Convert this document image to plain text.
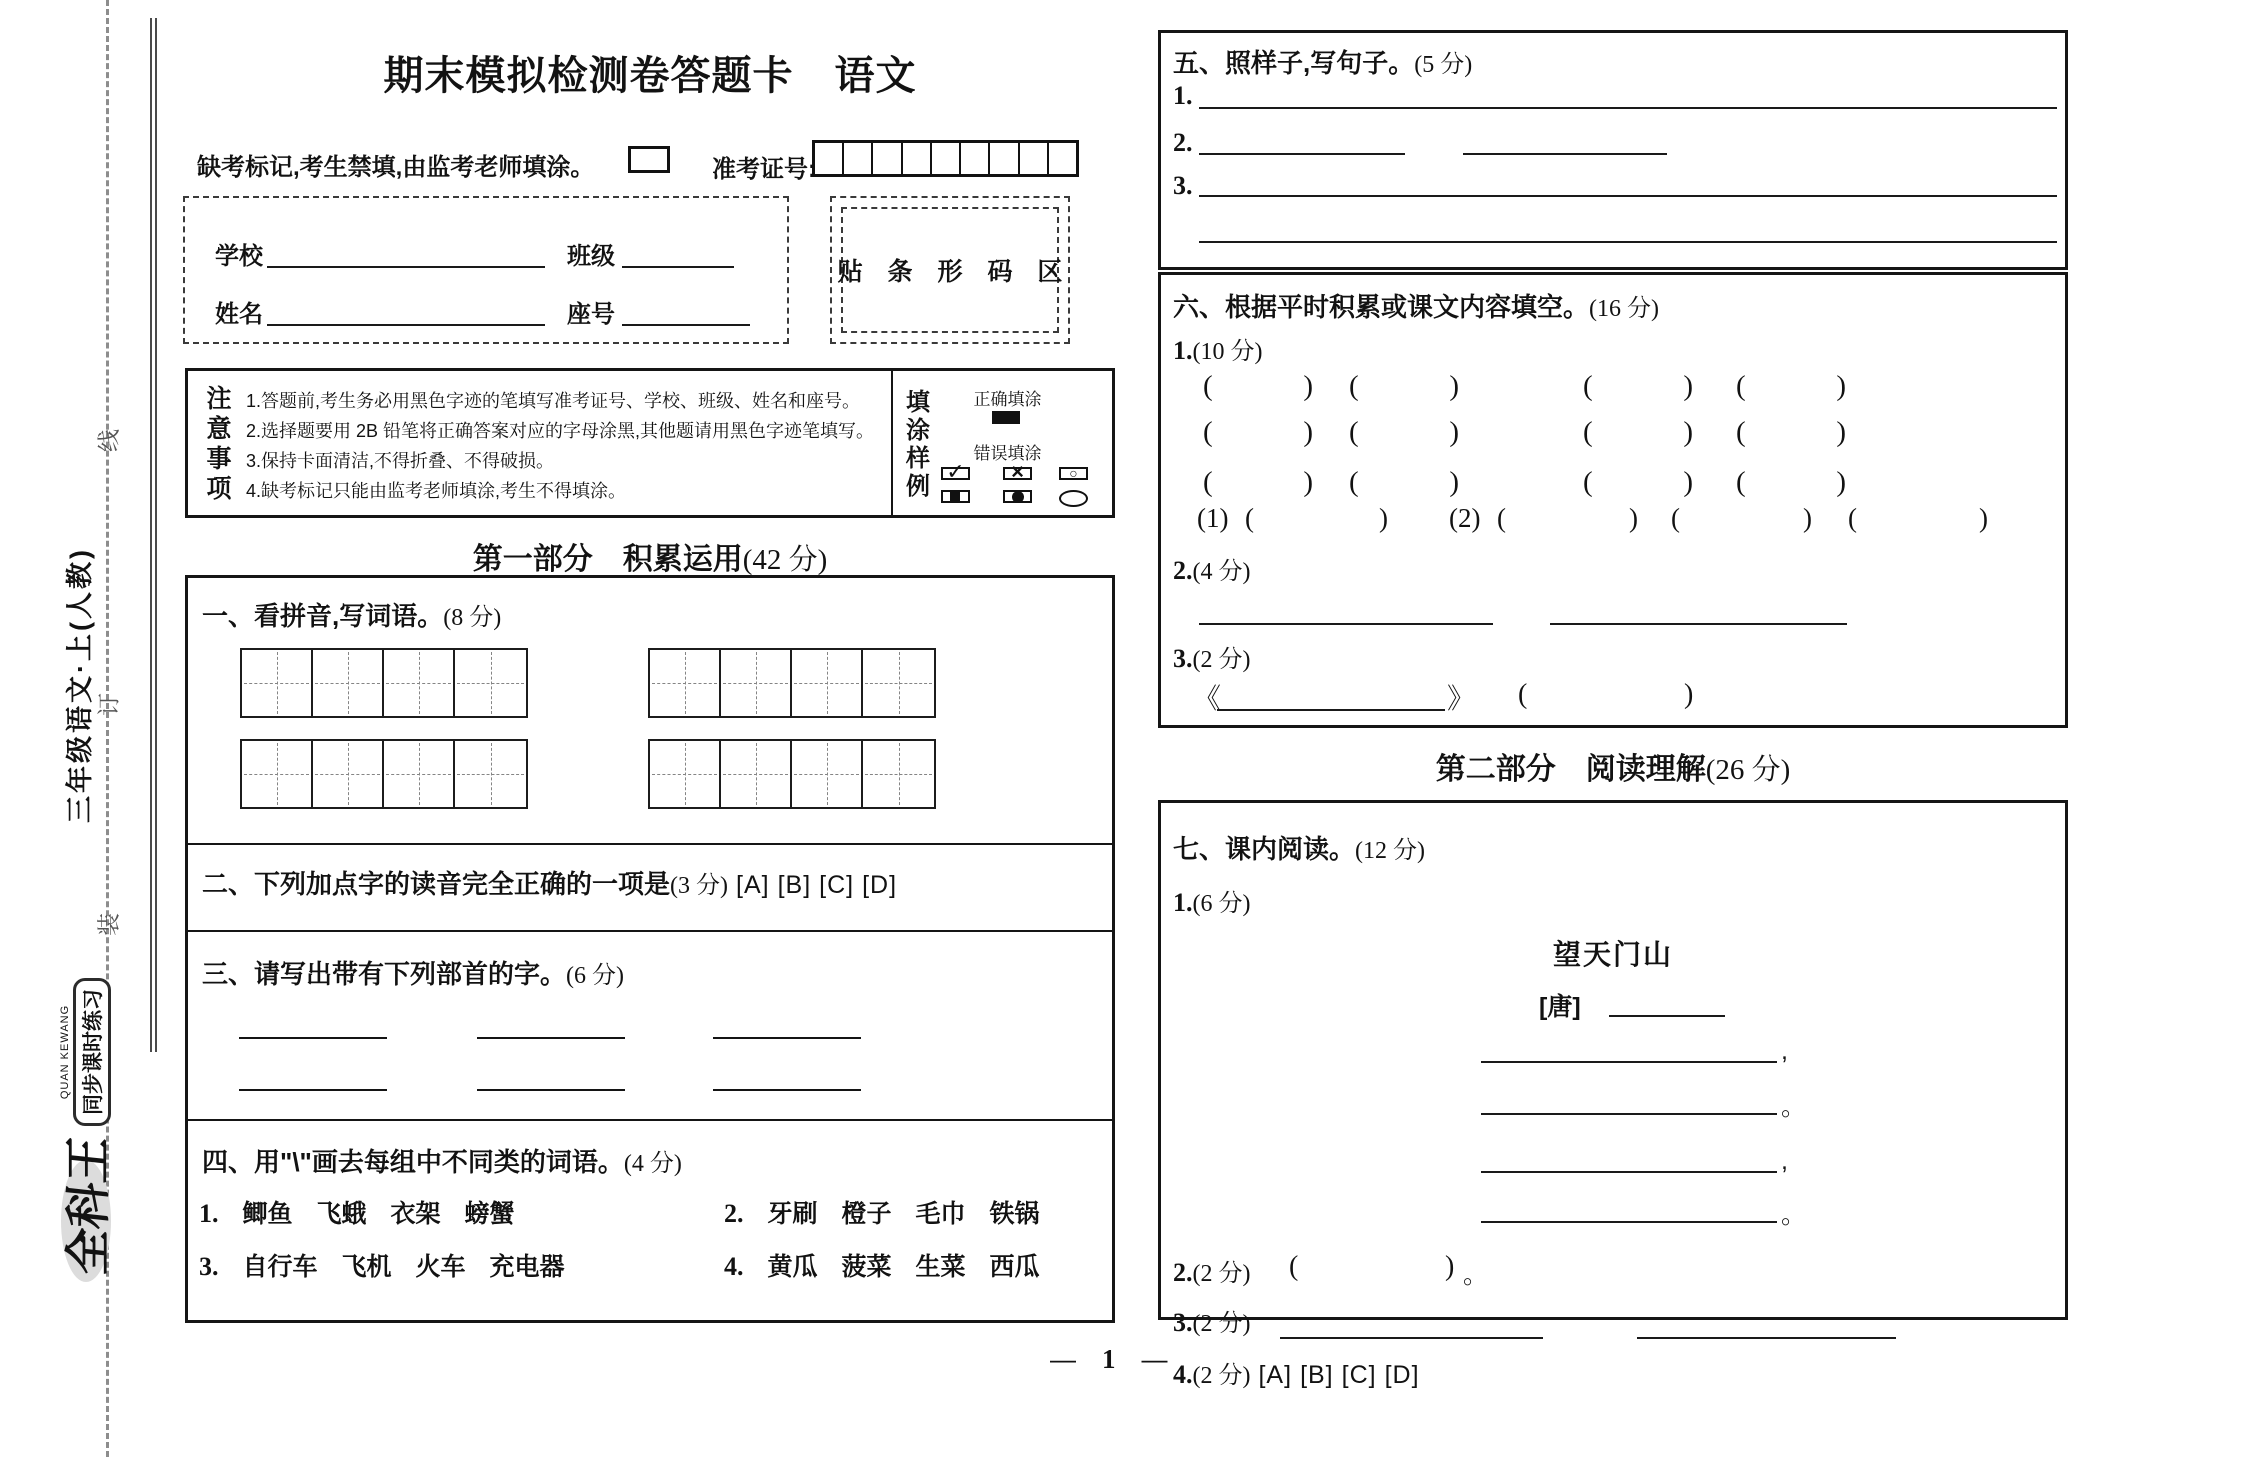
线
订
装
三年级语文·上(人教)
全科王
QUAN KEWANG 同步课时练习
期末模拟检测卷答题卡　语文
缺考标记,考生禁填,由监考老师填涂。	准考证号:
学校	班级
姓名	座号
贴 条 形 码 区
注
意
事
项
1.答题前,考生务必用黑色字迹的笔填写准考证号、学校、班级、姓名和座号。
2.选择题要用 2B 铅笔将正确答案对应的字母涂黑,其他题请用黑色字迹笔填写。
3.保持卡面清洁,不得折叠、不得破损。
4.缺考标记只能由监考老师填涂,考生不得填涂。
填
涂
样
例
正确填涂
错误填涂
✓ ×	○
第一部分　积累运用(42 分)
一、看拼音,写词语。(8 分)
二、下列加点字的读音完全正确的一项是(3 分) [A] [B] [C] [D]
三、请写出带有下列部首的字。(6 分)
四、用"\"画去每组中不同类的词语。(4 分)
1. 鲫鱼 飞蛾 衣架 螃蟹	2. 牙刷 橙子 毛巾 铁锅
3. 自行车 飞机 火车 充电器	4. 黄瓜 菠菜 生菜 西瓜
— 1 —
五、照样子,写句子。(5 分)
1.
2.
3.
六、根据平时积累或课文内容填空。(16 分)
1.(10 分)
(	) (	)	(	) (	)
(	) (	)	(	) (	)
(	) (	)	(	) (	)
(1) (	) (2) (	) (	) (	)
2.(4 分)
3.(2 分)
《	》 (	)
第二部分　阅读理解(26 分)
七、课内阅读。(12 分)
1.(6 分)
望天门山
[唐]
,
。
,
。
2.(2 分) (	) 。
3.(2 分)
4. (2 分) [A] [B] [C] [D]
